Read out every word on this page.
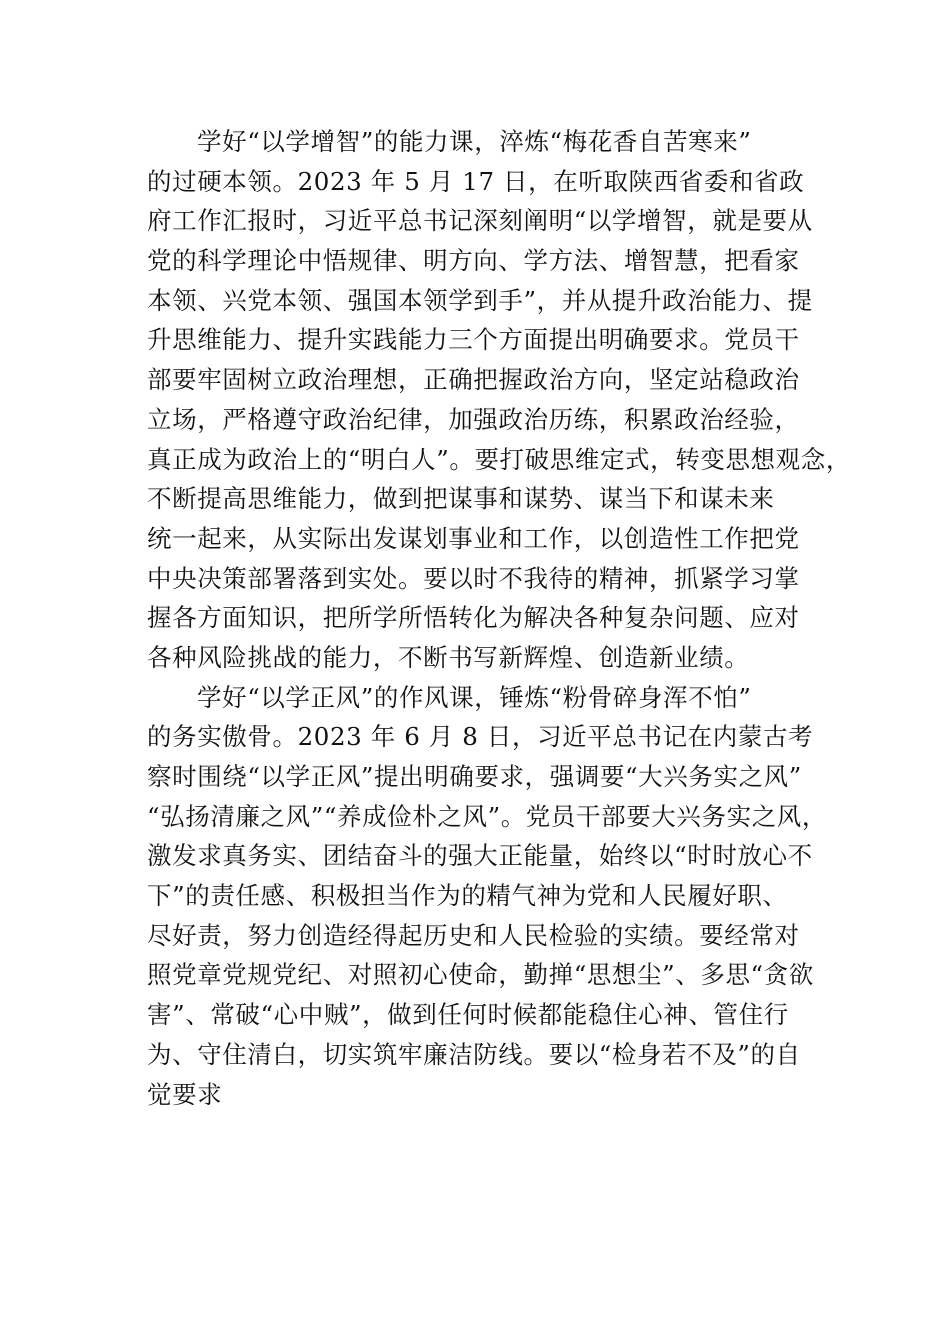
学好“以学增智”的能力课，淬炼“梅花香自苦寒来”
的过硬本领。2023 年 5 月 17 日，在听取陕西省委和省政
府工作汇报时，习近平总书记深刻阐明“以学增智，就是要从
党的科学理论中悟规律、明方向、学方法、增智慧，把看家
本领、兴党本领、强国本领学到手”，并从提升政治能力、提
升思维能力、提升实践能力三个方面提出明确要求。党员干
部要牢固树立政治理想，正确把握政治方向，坚定站稳政治
立场，严格遵守政治纪律，加强政治历练，积累政治经验，
真正成为政治上的“明白人”。要打破思维定式，转变思想观念，
不断提高思维能力，做到把谋事和谋势、谋当下和谋未来
统一起来，从实际出发谋划事业和工作，以创造性工作把党
中央决策部署落到实处。要以时不我待的精神，抓紧学习掌
握各方面知识，把所学所悟转化为解决各种复杂问题、应对
各种风险挑战的能力，不断书写新辉煌、创造新业绩。
学好“以学正风”的作风课，锤炼“粉骨碎身浑不怕”
的务实傲骨。2023 年 6 月 8 日，习近平总书记在内蒙古考
察时围绕“以学正风”提出明确要求，强调要“大兴务实之风”
“弘扬清廉之风”“养成俭朴之风”。党员干部要大兴务实之风，
激发求真务实、团结奋斗的强大正能量，始终以“时时放心不
下”的责任感、积极担当作为的精气神为党和人民履好职、
尽好责，努力创造经得起历史和人民检验的实绩。要经常对
照党章党规党纪、对照初心使命，勤掸“思想尘”、多思“贪欲
害”、常破“心中贼”，做到任何时候都能稳住心神、管住行
为、守住清白，切实筑牢廉洁防线。要以“检身若不及”的自
觉要求
